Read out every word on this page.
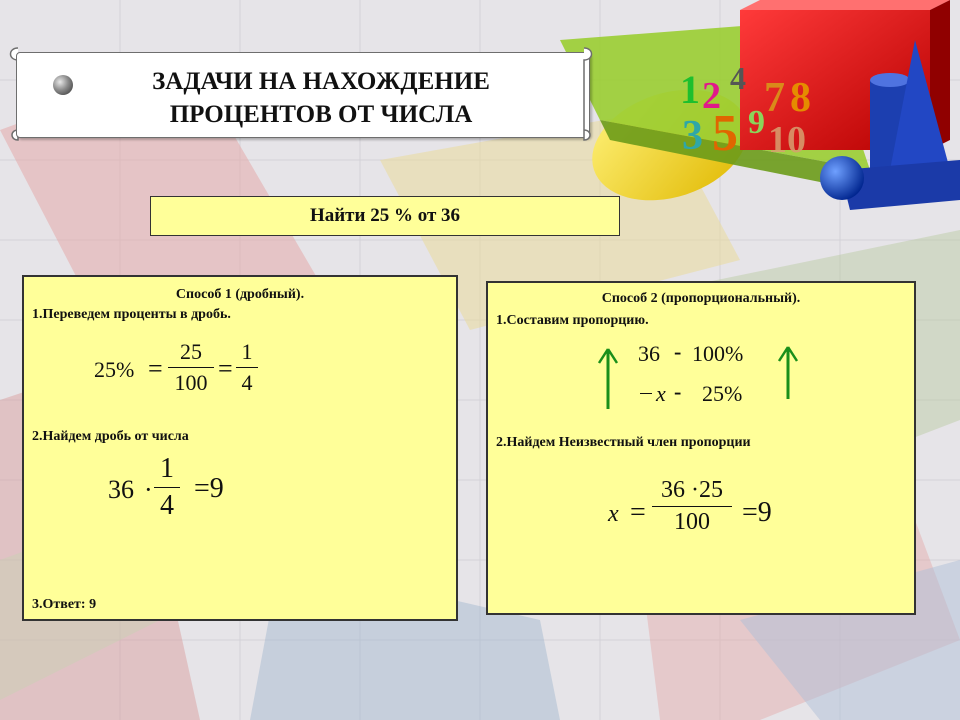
1 2 4 7 8
3 5 9 10
ЗАДАЧИ НА НАХОЖДЕНИЕ
ПРОЦЕНТОВ ОТ ЧИСЛА
Найти 25 % от 36
Способ 1 (дробный).
1.Переведем проценты в дробь.
25% =
25
100 =
1
4
2.Найдем дробь от числа
36 ·
1
4
=9
3.Ответ: 9
Способ 2 (пропорциональный).
1.Составим пропорцию.
36 - 100%
x - 25%
2.Найдем Неизвестный член пропорции
x =
36 ·25
100	=9
